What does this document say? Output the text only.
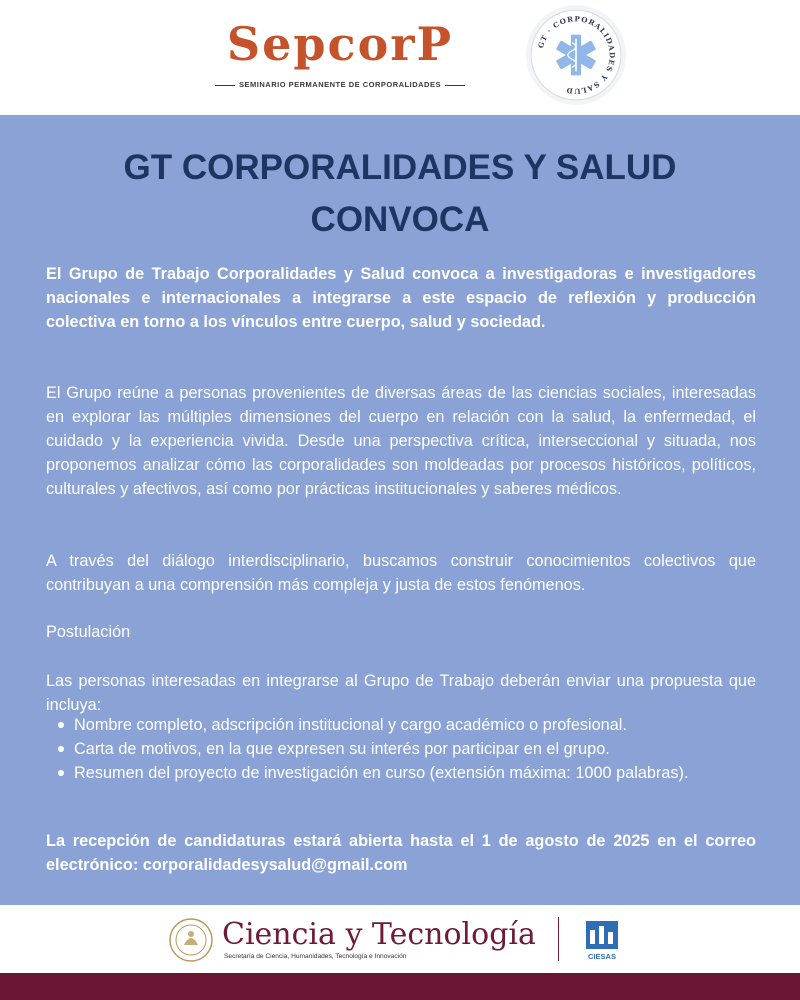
SepcorP
SEMINARIO PERMANENTE DE CORPORALIDADES
GT · CORPORALIDADES Y SALUD
GT CORPORALIDADES Y SALUD
CONVOCA

El Grupo de Trabajo Corporalidades y Salud convoca a investigadoras e investigadores nacionales e internacionales a integrarse a este espacio de reflexión y producción colectiva en torno a los vínculos entre cuerpo, salud y sociedad.

El Grupo reúne a personas provenientes de diversas áreas de las ciencias sociales, interesadas en explorar las múltiples dimensiones del cuerpo en relación con la salud, la enfermedad, el cuidado y la experiencia vivida. Desde una perspectiva crítica, interseccional y situada, nos proponemos analizar cómo las corporalidades son moldeadas por procesos históricos, políticos, culturales y afectivos, así como por prácticas institucionales y saberes médicos.

A través del diálogo interdisciplinario, buscamos construir conocimientos colectivos que contribuyan a una comprensión más compleja y justa de estos fenómenos.

Postulación

Las personas interesadas en integrarse al Grupo de Trabajo deberán enviar una propuesta que incluya:

Nombre completo, adscripción institucional y cargo académico o profesional.
Carta de motivos, en la que expresen su interés por participar en el grupo.
Resumen del proyecto de investigación en curso (extensión máxima: 1000 palabras).

La recepción de candidaturas estará abierta hasta el 1 de agosto de 2025 en el correo electrónico: corporalidadesysalud@gmail.com

Ciencia y Tecnología
Secretaría de Ciencia, Humanidades, Tecnología e Innovación	CIESAS
